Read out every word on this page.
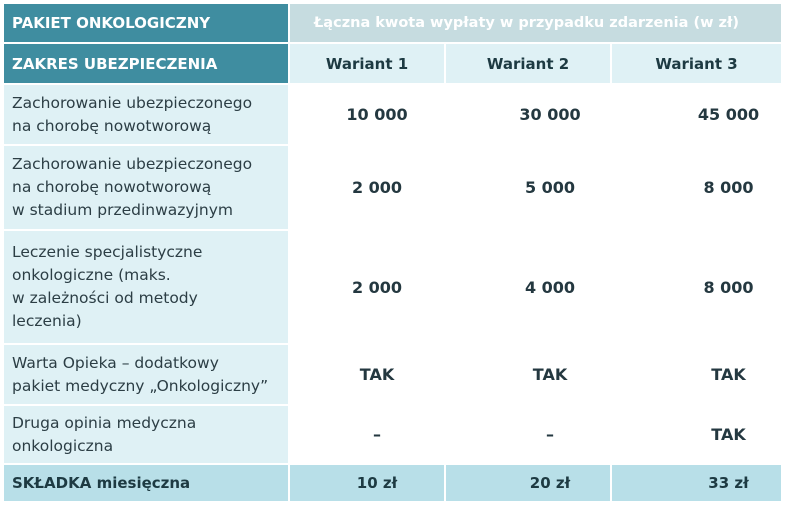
PAKIET ONKOLOGICZNY	Łączna kwota wypłaty w przypadku zdarzenia (w zł)
ZAKRES UBEZPIECZENIA	Wariant 1	Wariant 2	Wariant 3
Zachorowanie ubezpieczonego
na chorobę nowotworową
10 000	30 000	45 000
Zachorowanie ubezpieczonego
na chorobę nowotworową
w stadium przedinwazyjnym
2 000	5 000	8 000
Leczenie specjalistyczne
onkologiczne (maks.
w zależności od metody
leczenia)
2 000	4 000	8 000
Warta Opieka – dodatkowy
pakiet medyczny „Onkologiczny”
TAK	TAK	TAK
Druga opinia medyczna
onkologiczna
–	–	TAK
SKŁADKA miesięczna	10 zł	20 zł	33 zł
